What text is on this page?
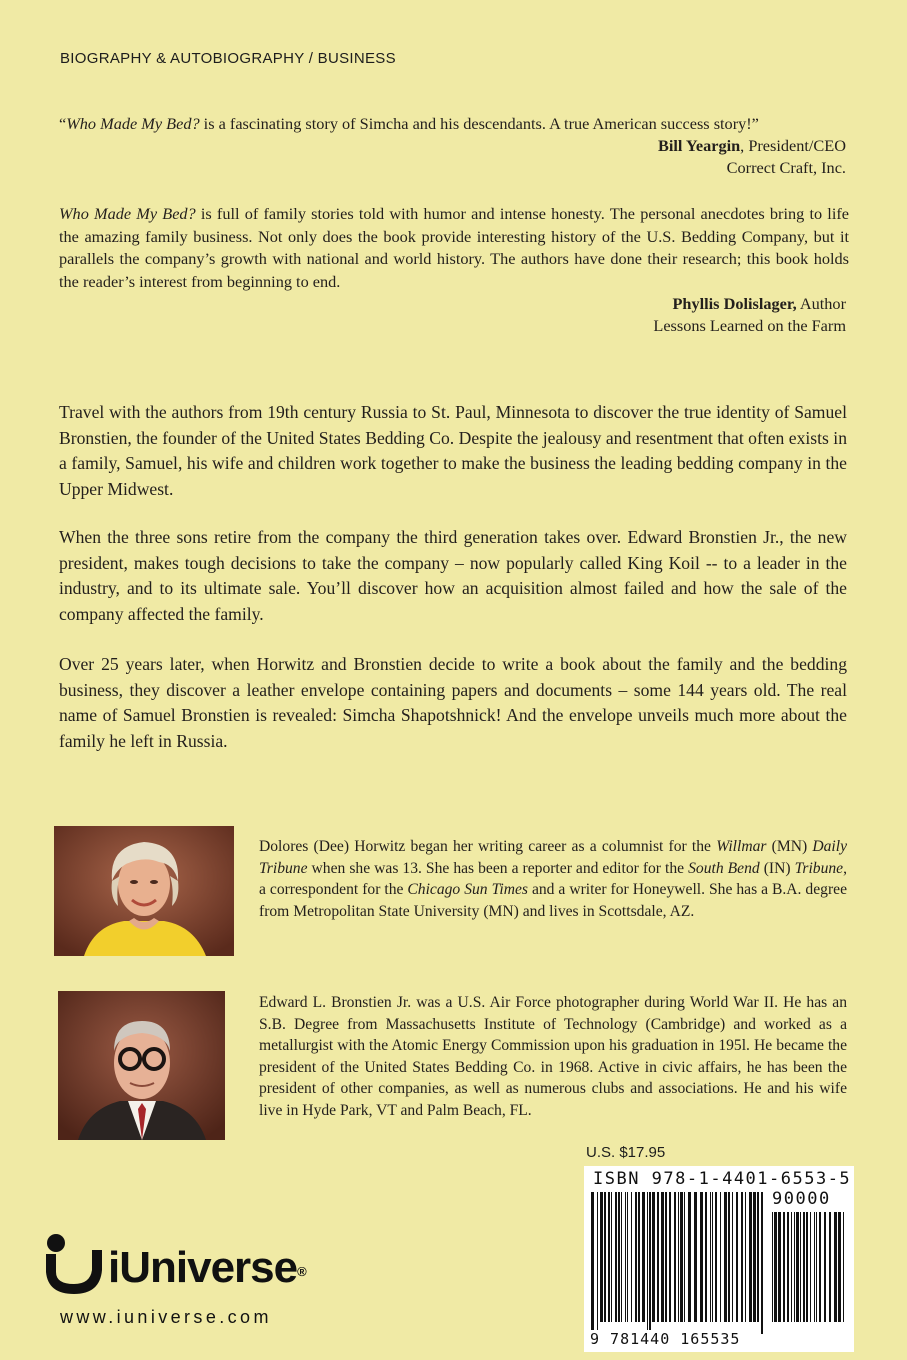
BIOGRAPHY & AUTOBIOGRAPHY / BUSINESS
“Who Made My Bed? is a fascinating story of Simcha and his descendants. A true American success story!”
Bill Yeargin, President/CEO
Correct Craft, Inc.
Who Made My Bed? is full of family stories told with humor and intense honesty. The personal anecdotes bring to life the amazing family business. Not only does the book provide interesting history of the U.S. Bedding Company, but it parallels the company’s growth with national and world history. The authors have done their research; this book holds the reader’s interest from beginning to end.
Phyllis Dolislager, Author
Lessons Learned on the Farm
Travel with the authors from 19th century Russia to St. Paul, Minnesota to discover the true identity of Samuel Bronstien, the founder of the United States Bedding Co. Despite the jealousy and resentment that often exists in a family, Samuel, his wife and children work together to make the business the leading bedding company in the Upper Midwest.
When the three sons retire from the company the third generation takes over. Edward Bronstien Jr., the new president, makes tough decisions to take the company – now popularly called King Koil -- to a leader in the industry, and to its ultimate sale. You’ll discover how an acquisition almost failed and how the sale of the company affected the family.
Over 25 years later, when Horwitz and Bronstien decide to write a book about the family and the bedding business, they discover a leather envelope containing papers and documents – some 144 years old. The real name of Samuel Bronstien is revealed: Simcha Shapotshnick! And the envelope unveils much more about the family he left in Russia.
Dolores (Dee) Horwitz began her writing career as a columnist for the Willmar (MN) Daily Tribune when she was 13. She has been a reporter and editor for the South Bend (IN) Tribune, a correspondent for the Chicago Sun Times and a writer for Honeywell. She has a B.A. degree from Metropolitan State University (MN) and lives in Scottsdale, AZ.
Edward L. Bronstien Jr. was a U.S. Air Force photographer during World War II. He has an S.B. Degree from Massachusetts Institute of Technology (Cambridge) and worked as a metallurgist with the Atomic Energy Commission upon his graduation in 195l. He became the president of the United States Bedding Co. in 1968. Active in civic affairs, he has been the president of other companies, as well as numerous clubs and associations. He and his wife live in Hyde Park, VT and Palm Beach, FL.
U.S. $17.95
ISBN 978-1-4401-6553-5
90000
9 781440 165535
iUniverse®
www.iuniverse.com
